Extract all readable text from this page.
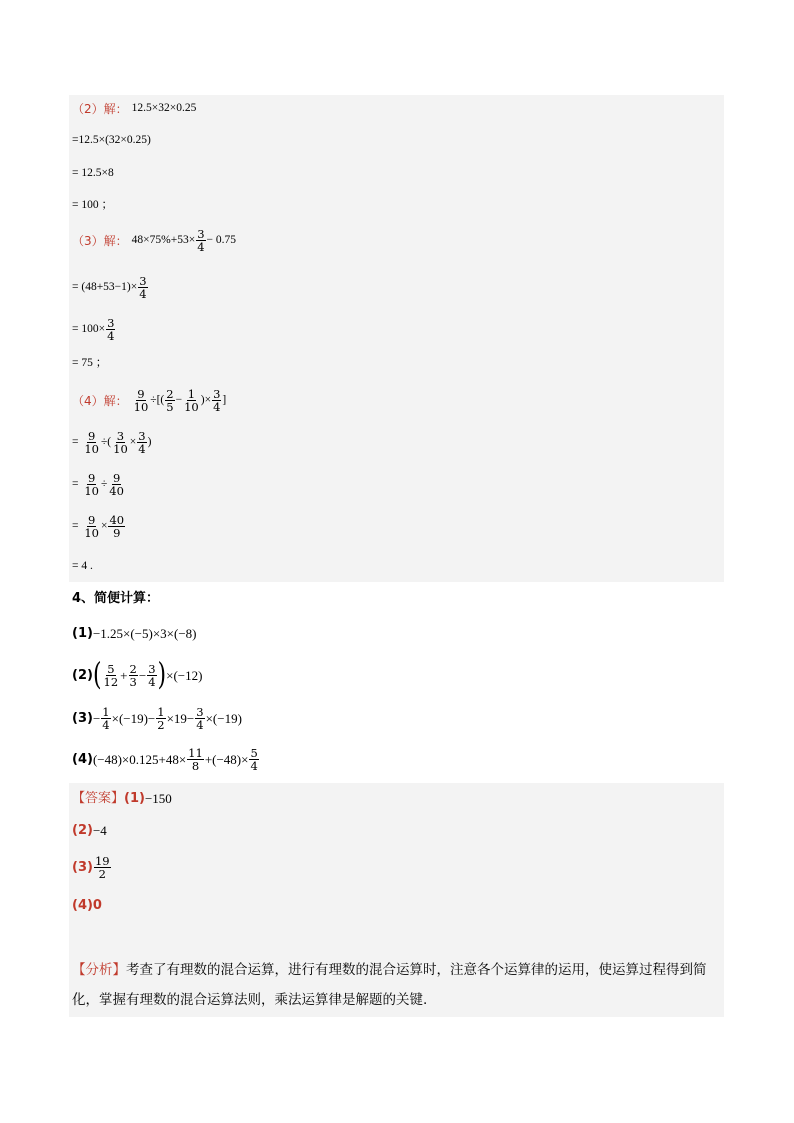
（2）解： 12.5×32×0.25
=12.5×(32×0.25)
= 12.5×8
= 100 ；
（3）解： $48\times 75\%+53\times \frac{3}{4} - 0.75$
= $(48+53-1)\times \frac{3}{4}$
= $100\times \frac{3}{4}$
= 75 ；
（4）解： $\frac{9}{10}$ ÷ [( $\frac{2}{5} - \frac{1}{10}$ ) × $\frac{3}{4}$ ]
=
$\frac{9}{10}$ ÷ ( $\frac{3}{10} \times \frac{3}{4}$ )
=
$\frac{9}{10} \div \frac{9}{40}$
=
$\frac{9}{10} \times \frac{40}{9}$
= 4 .
4、简便计算：
(1) −1.25×(−5)×3×(−8)
(2) ( $\frac{5}{12} + \frac{2}{3} - \frac{3}{4}$ ) ×(−12)
$(3) - \frac{1}{4} \times(-19)- \frac{1}{2} \times 19- \frac{3}{4} \times(-19)$
(4) $(-48)\times 0.125+48\times \frac{11}{8} +(-48)\times \frac{5}{4}$
【答案】 (1) −150
(2) −4
$(3) \frac{19}{2}$
(4)0
【分析】考查了有理数的混合运算，进行有理数的混合运算时，注意各个运算律的运用，使运算过程得到简化，掌握有理数的混合运算法则，乘法运算律是解题的关键.
